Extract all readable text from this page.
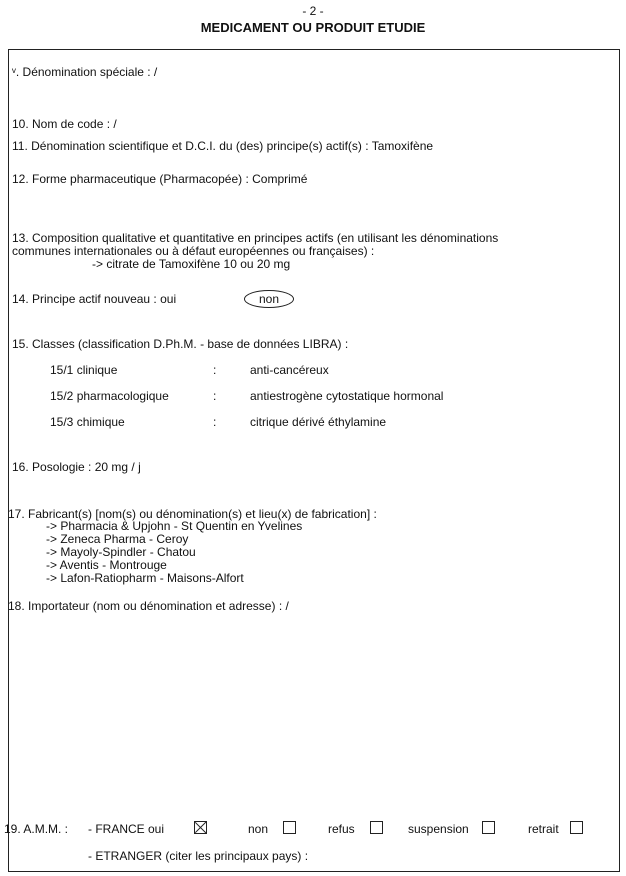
- 2 -
MEDICAMENT OU PRODUIT ETUDIE
ᵛ. Dénomination spéciale : /
10. Nom de code : /
11. Dénomination scientifique et D.C.I. du (des) principe(s) actif(s) : Tamoxifène
12. Forme pharmaceutique (Pharmacopée) : Comprimé
13. Composition qualitative et quantitative en principes actifs (en utilisant les dénominations
communes internationales ou à défaut européennes ou françaises) :
-> citrate de Tamoxifène 10 ou 20 mg
14. Principe actif nouveau : oui	non
15. Classes (classification D.Ph.M. - base de données LIBRA) :
15/1 clinique	:	anti-cancéreux
15/2 pharmacologique	:	antiestrogène cytostatique hormonal
15/3 chimique	:	citrique dérivé éthylamine
16. Posologie : 20 mg / j
17. Fabricant(s) [nom(s) ou dénomination(s) et lieu(x) de fabrication] :
-> Pharmacia & Upjohn - St Quentin en Yvelines
-> Zeneca Pharma - Ceroy
-> Mayoly-Spindler - Chatou
-> Aventis - Montrouge
-> Lafon-Ratiopharm - Maisons-Alfort
18. Importateur (nom ou dénomination et adresse) : /
19. A.M.M. : - FRANCE oui	non	refus	suspension	retrait
- ETRANGER (citer les principaux pays) :
